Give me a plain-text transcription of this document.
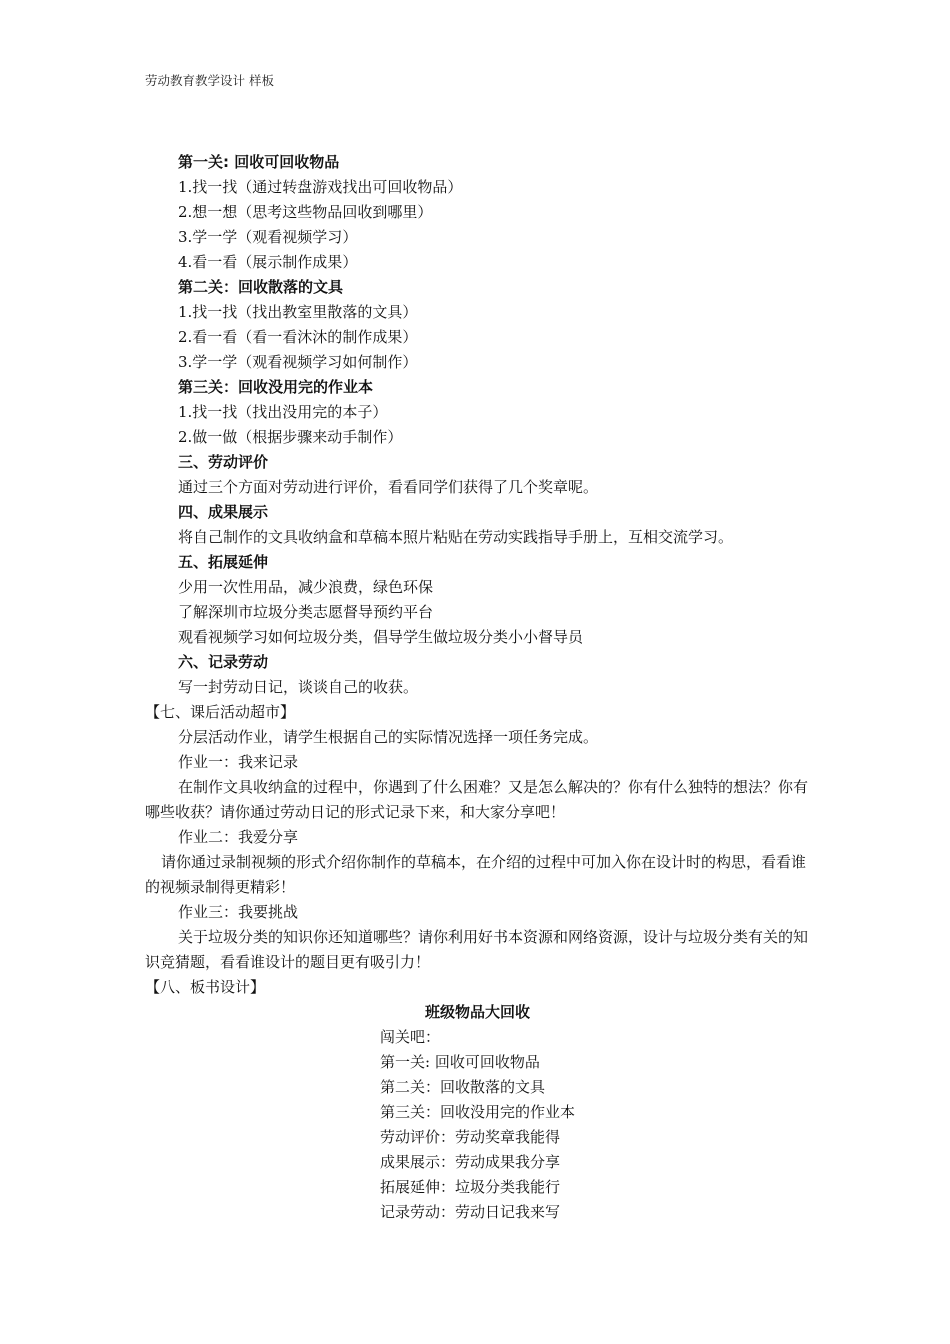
劳动教育教学设计 样板
第一关: 回收可回收物品
1.找一找（通过转盘游戏找出可回收物品）
2.想一想（思考这些物品回收到哪里）
3.学一学（观看视频学习）
4.看一看（展示制作成果）
第二关：回收散落的文具
1.找一找（找出教室里散落的文具）
2.看一看（看一看沐沐的制作成果）
3.学一学（观看视频学习如何制作）
第三关：回收没用完的作业本
1.找一找（找出没用完的本子）
2.做一做（根据步骤来动手制作）
三、劳动评价
通过三个方面对劳动进行评价，看看同学们获得了几个奖章呢。
四、成果展示
将自己制作的文具收纳盒和草稿本照片粘贴在劳动实践指导手册上，互相交流学习。
五、拓展延伸
少用一次性用品，减少浪费，绿色环保
了解深圳市垃圾分类志愿督导预约平台
观看视频学习如何垃圾分类，倡导学生做垃圾分类小小督导员
六、记录劳动
写一封劳动日记，谈谈自己的收获。
【七、课后活动超市】
分层活动作业，请学生根据自己的实际情况选择一项任务完成。
作业一：我来记录
在制作文具收纳盒的过程中，你遇到了什么困难？又是怎么解决的？你有什么独特的想法？你有哪些收获？请你通过劳动日记的形式记录下来，和大家分享吧！
作业二：我爱分享
请你通过录制视频的形式介绍你制作的草稿本，在介绍的过程中可加入你在设计时的构思，看看谁的视频录制得更精彩！
作业三：我要挑战
关于垃圾分类的知识你还知道哪些？请你利用好书本资源和网络资源，设计与垃圾分类有关的知识竞猜题，看看谁设计的题目更有吸引力！
【八、板书设计】
班级物品大回收
闯关吧：
第一关: 回收可回收物品
第二关：回收散落的文具
第三关：回收没用完的作业本
劳动评价：劳动奖章我能得
成果展示：劳动成果我分享
拓展延伸：垃圾分类我能行
记录劳动：劳动日记我来写
